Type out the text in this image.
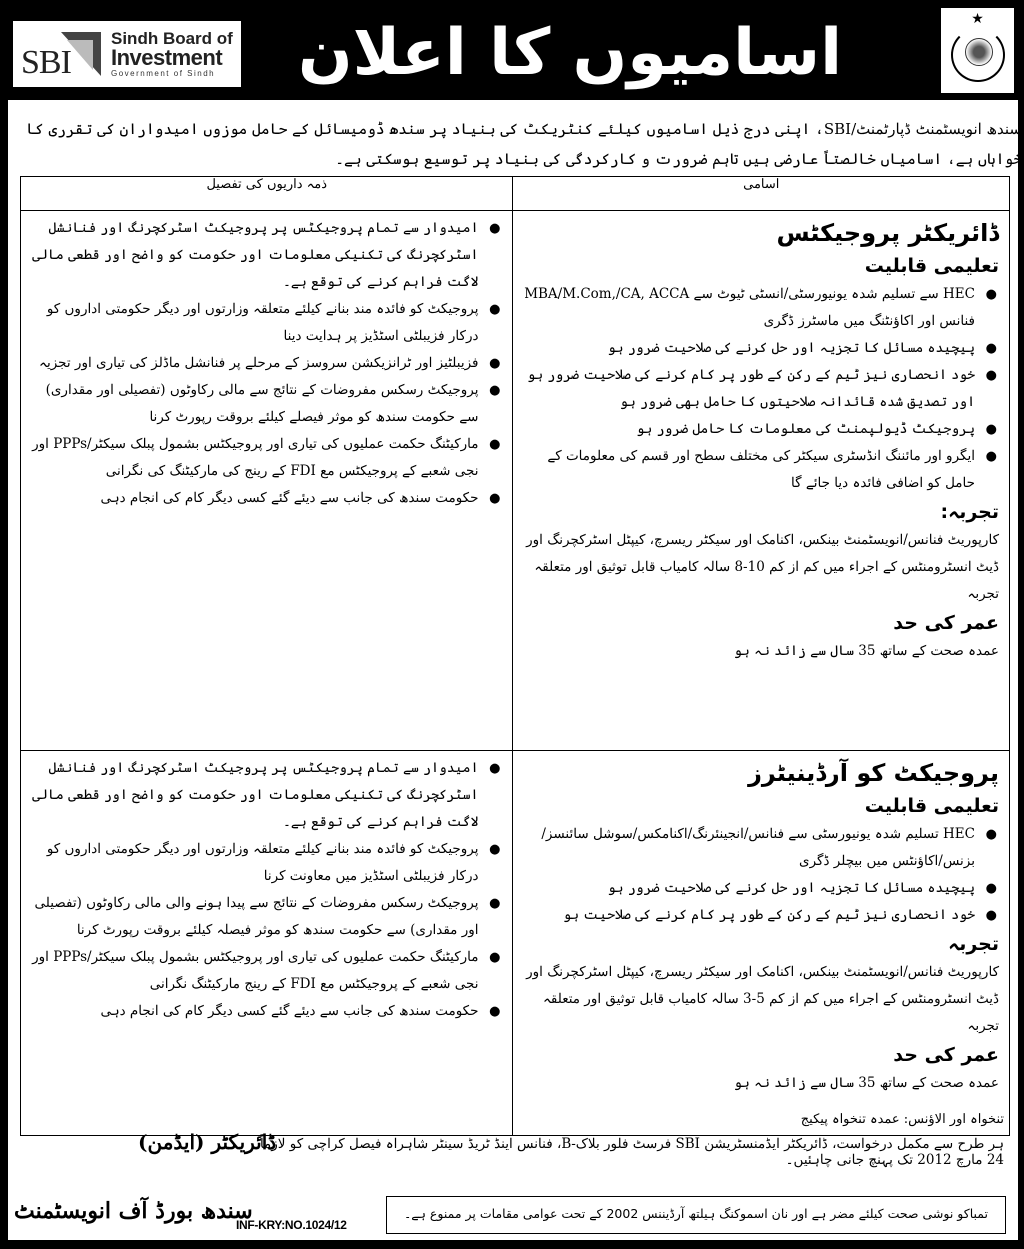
SBI
Sindh Board of
Investment
Government of Sindh اسامیوں کا اعلان	★

سندھ انویسٹمنٹ ڈپارٹمنٹ/SBI، اپنی درج ذیل اسامیوں کیلئے کنٹریکٹ کی بنیاد پر سندھ ڈومیسائل کے حامل موزوں امیدواران کی تقرری کا خواہاں ہے، اسامیاں خالصتاً عارضی ہیں تاہم ضرورت و کارکردگی کی بنیاد پر توسیع ہوسکتی ہے۔

اسامی	ذمہ داریوں کی تفصیل

ڈائریکٹر پروجیکٹس
تعلیمی قابلیت
● HEC سے تسلیم شدہ یونیورسٹی/انسٹی ٹیوٹ سے MBA/M.Com,/CA, ACCA فنانس اور اکاؤنٹنگ میں ماسٹرز ڈگری
● پیچیدہ مسائل کا تجزیہ اور حل کرنے کی صلاحیت ضرور ہو
● خود انحصاری نیز ٹیم کے رکن کے طور پر کام کرنے کی صلاحیت ضرور ہو اور تصدیق شدہ قائدانہ صلاحیتوں کا حامل بھی ضرور ہو
● پروجیکٹ ڈیولپمنٹ کی معلومات کا حامل ضرور ہو
● ایگرو اور مائننگ انڈسٹری سیکٹر کی مختلف سطح اور قسم کی معلومات کے حامل کو اضافی فائدہ دیا جائے گا
تجربہ:
کارپوریٹ فنانس/انویسٹمنٹ بینکس، اکنامک اور سیکٹر ریسرچ، کیپٹل اسٹرکچرنگ اور ڈیٹ انسٹرومنٹس کے اجراء میں کم از کم 10-8 سالہ کامیاب قابل توثیق اور متعلقہ تجربہ
عمر کی حد
عمدہ صحت کے ساتھ 35 سال سے زائد نہ ہو

● امیدوار سے تمام پروجیکٹس پر پروجیکٹ اسٹرکچرنگ اور فنانشل اسٹرکچرنگ کی تکنیکی معلومات اور حکومت کو واضح اور قطعی مالی لاگت فراہم کرنے کی توقع ہے۔
● پروجیکٹ کو فائدہ مند بنانے کیلئے متعلقہ وزارتوں اور دیگر حکومتی اداروں کو درکار فزیبلٹی اسٹڈیز پر ہدایت دینا
● فزیبلٹیز اور ٹرانزیکشن سروسز کے مرحلے پر فنانشل ماڈلز کی تیاری اور تجزیہ
● پروجیکٹ رسکس مفروضات کے نتائج سے مالی رکاوٹوں (تفصیلی اور مقداری) سے حکومت سندھ کو موثر فیصلے کیلئے بروقت رپورٹ کرنا
● مارکیٹنگ حکمت عملیوں کی تیاری اور پروجیکٹس بشمول پبلک سیکٹر/PPPs اور نجی شعبے کے پروجیکٹس مع FDI کے رینج کی مارکیٹنگ کی نگرانی
● حکومت سندھ کی جانب سے دیئے گئے کسی دیگر کام کی انجام دہی

پروجیکٹ کو آرڈینیٹرز
تعلیمی قابلیت
● HEC تسلیم شدہ یونیورسٹی سے فنانس/انجینئرنگ/اکنامکس/سوشل سائنسز/بزنس/اکاؤنٹس میں بیچلر ڈگری
● پیچیدہ مسائل کا تجزیہ اور حل کرنے کی صلاحیت ضرور ہو
● خود انحصاری نیز ٹیم کے رکن کے طور پر کام کرنے کی صلاحیت ہو
تجربہ
کارپوریٹ فنانس/انویسٹمنٹ بینکس، اکنامک اور سیکٹر ریسرچ، کیپٹل اسٹرکچرنگ اور ڈیٹ انسٹرومنٹس کے اجراء میں کم از کم 5-3 سالہ کامیاب قابل توثیق اور متعلقہ تجربہ
عمر کی حد
عمدہ صحت کے ساتھ 35 سال سے زائد نہ ہو

● امیدوار سے تمام پروجیکٹس پر پروجیکٹ اسٹرکچرنگ اور فنانشل اسٹرکچرنگ کی تکنیکی معلومات اور حکومت کو واضح اور قطعی مالی لاگت فراہم کرنے کی توقع ہے۔
● پروجیکٹ کو فائدہ مند بنانے کیلئے متعلقہ وزارتوں اور دیگر حکومتی اداروں کو درکار فزیبلٹی اسٹڈیز میں معاونت کرنا
● پروجیکٹ رسکس مفروضات کے نتائج سے پیدا ہونے والی مالی رکاوٹوں (تفصیلی اور مقداری) سے حکومت سندھ کو موثر فیصلہ کیلئے بروقت رپورٹ کرنا
● مارکیٹنگ حکمت عملیوں کی تیاری اور پروجیکٹس بشمول پبلک سیکٹر/PPPs اور نجی شعبے کے پروجیکٹس مع FDI کے رینج مارکیٹنگ نگرانی
● حکومت سندھ کی جانب سے دیئے گئے کسی دیگر کام کی انجام دہی
تنخواہ اور الاؤنس: عمدہ تنخواہ پیکیج
ہر طرح سے مکمل درخواست، ڈائریکٹر ایڈمنسٹریشن SBI فرسٹ فلور بلاک-B، فنانس اینڈ ٹریڈ سینٹر شاہراہ فیصل کراچی کو لازماً 24 مارچ 2012 تک پہنچ جانی چاہئیں۔
ڈائریکٹر (ایڈمن)
سندھ بورڈ آف انویسٹمنٹ
INF-KRY:NO.1024/12
تمباکو نوشی صحت کیلئے مضر ہے اور نان اسموکنگ ہیلتھ آرڈیننس 2002 کے تحت عوامی مقامات پر ممنوع ہے۔
